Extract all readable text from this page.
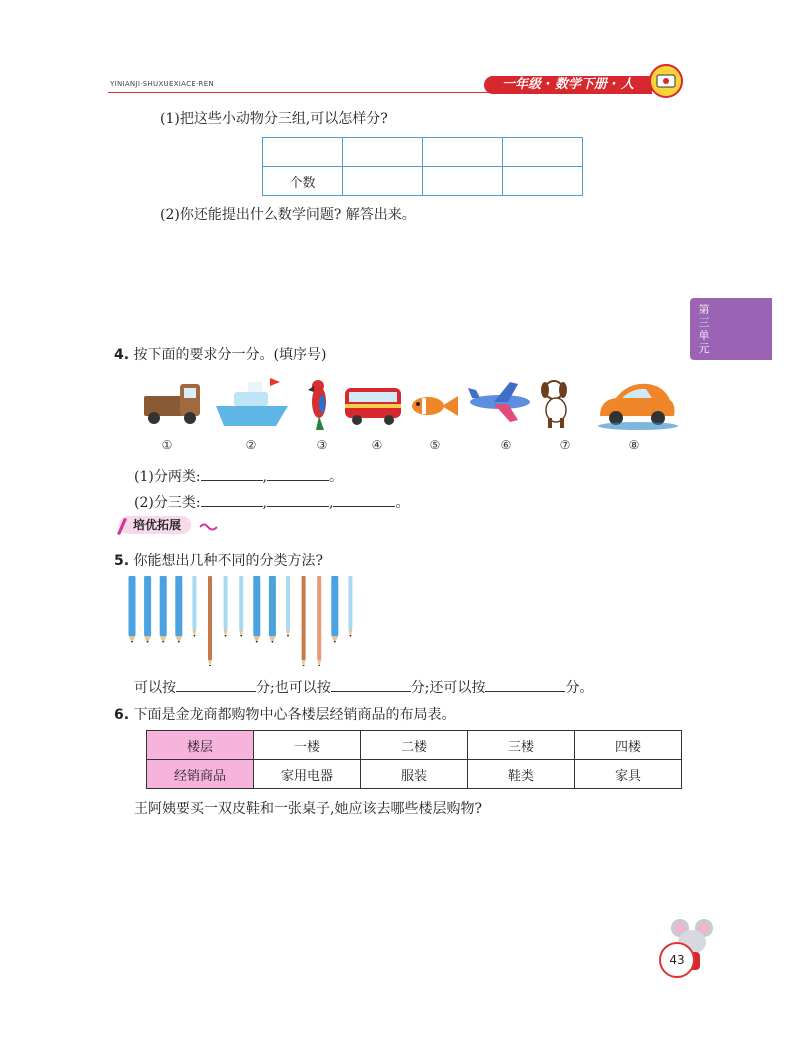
YINIANJI·SHUXUEXIACE·REN	一年级 · 数学下册 · 人
第三单元
(1)把这些小动物分三组,可以怎样分?

个数			
(2)你还能提出什么数学问题? 解答出来。
4. 按下面的要求分一分。(填序号)
①	②	③	④	⑤	⑥	⑦	⑧
(1)分两类:	,	。
(2)分三类:	,	,	。
培优拓展
5. 你能想出几种不同的分类方法?
可以按	分;也可以按	分;还可以按	分。
6. 下面是金龙商都购物中心各楼层经销商品的布局表。
楼层	一楼	二楼	三楼	四楼
经销商品	家用电器	服装	鞋类	家具
王阿姨要买一双皮鞋和一张桌子,她应该去哪些楼层购物?
43
